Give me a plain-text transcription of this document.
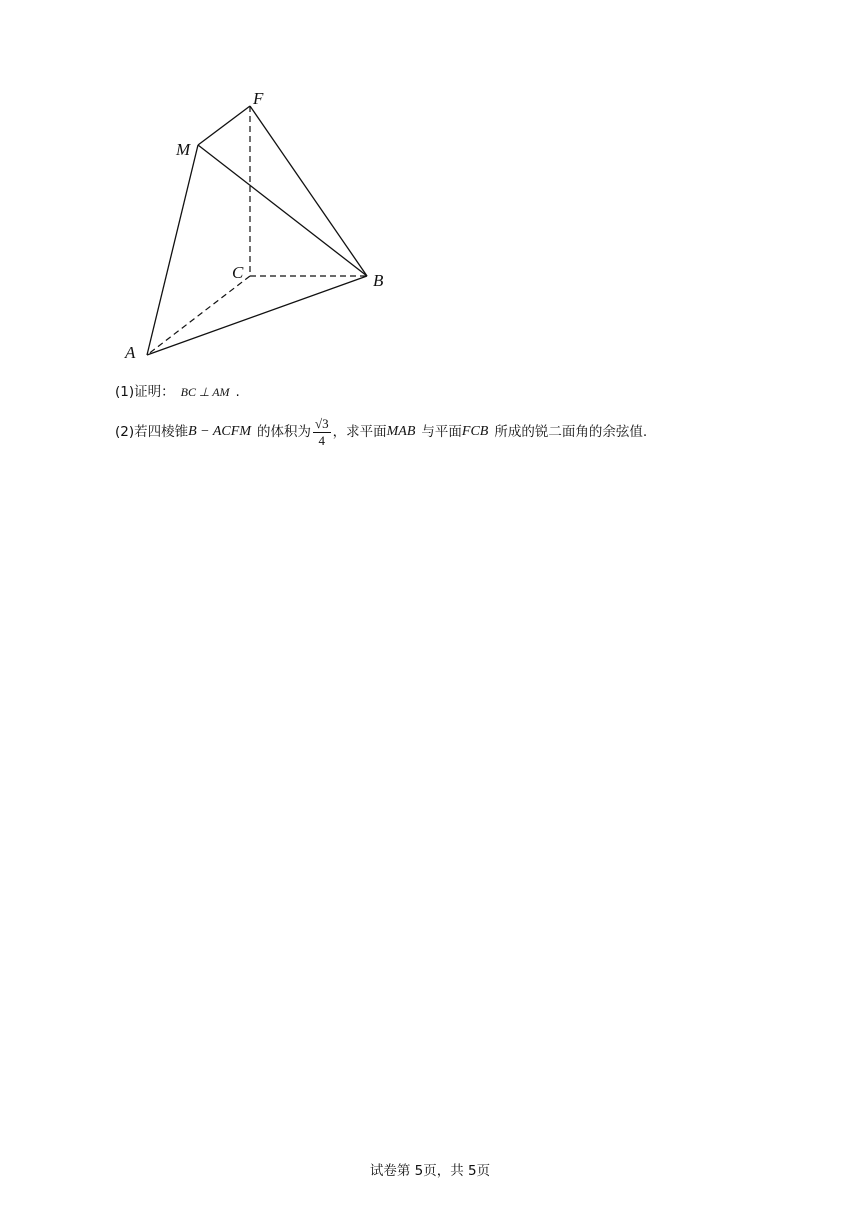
F
M
C	B
A
(1)证明： BC ⊥ AM .
(2)若四棱锥 B − ACFM 的体积为 $\frac{√3}{4}$ ，求平面 MAB 与平面 FCB 所成的锐二面角的余弦值.
试卷第 5页，共 5页
